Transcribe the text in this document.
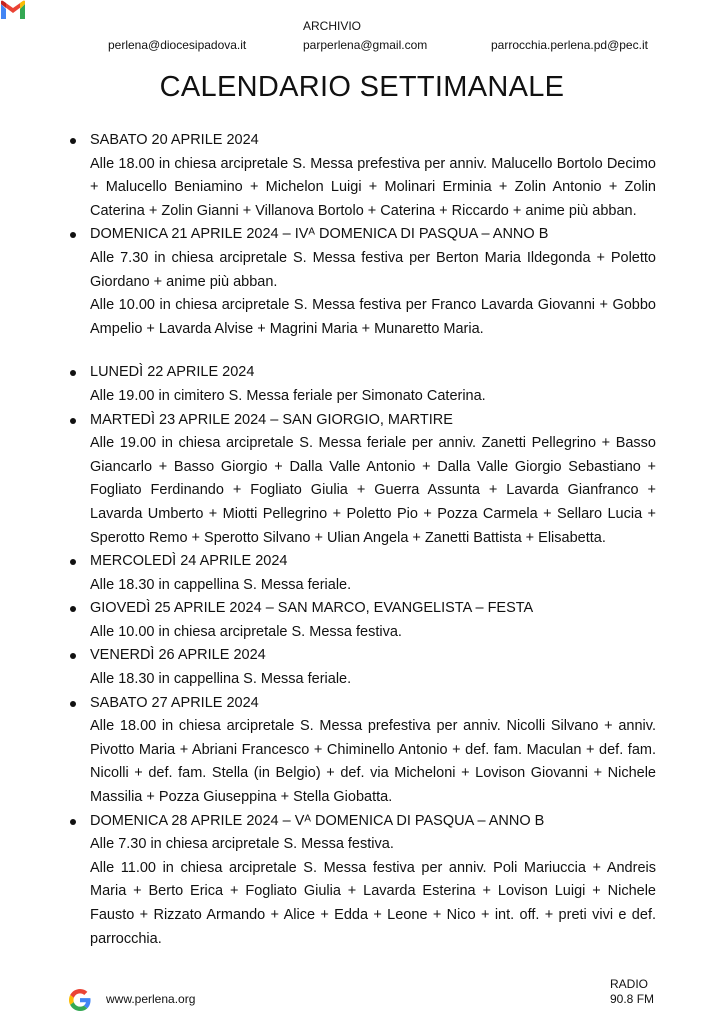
ARCHIVIO
perlena@diocesipadova.it	parperlena@gmail.com	parrocchia.perlena.pd@pec.it
CALENDARIO SETTIMANALE
SABATO 20 APRILE 2024
Alle 18.00 in chiesa arcipretale S. Messa prefestiva per anniv. Malucello Bortolo Decimo + Malucello Beniamino + Michelon Luigi + Molinari Erminia + Zolin Antonio + Zolin Caterina + Zolin Gianni + Villanova Bortolo + Caterina + Riccardo + anime più abban.
DOMENICA 21 APRILE 2024 – IVᴬ DOMENICA DI PASQUA – ANNO B
Alle 7.30 in chiesa arcipretale S. Messa festiva per Berton Maria Ildegonda + Poletto Giordano + anime più abban.
Alle 10.00 in chiesa arcipretale S. Messa festiva per Franco Lavarda Giovanni + Gobbo Ampelio + Lavarda Alvise + Magrini Maria + Munaretto Maria.
LUNEDÌ 22 APRILE 2024
Alle 19.00 in cimitero S. Messa feriale per Simonato Caterina.
MARTEDÌ 23 APRILE 2024 – SAN GIORGIO, MARTIRE
Alle 19.00 in chiesa arcipretale S. Messa feriale per anniv. Zanetti Pellegrino + Basso Giancarlo + Basso Giorgio + Dalla Valle Antonio + Dalla Valle Giorgio Sebastiano + Fogliato Ferdinando + Fogliato Giulia + Guerra Assunta + Lavarda Gianfranco + Lavarda Umberto + Miotti Pellegrino + Poletto Pio + Pozza Carmela + Sellaro Lucia + Sperotto Remo + Sperotto Silvano + Ulian Angela + Zanetti Battista + Elisabetta.
MERCOLEDÌ 24 APRILE 2024
Alle 18.30 in cappellina S. Messa feriale.
GIOVEDÌ 25 APRILE 2024 – SAN MARCO, EVANGELISTA – FESTA
Alle 10.00 in chiesa arcipretale S. Messa festiva.
VENERDÌ 26 APRILE 2024
Alle 18.30 in cappellina S. Messa feriale.
SABATO 27 APRILE 2024
Alle 18.00 in chiesa arcipretale S. Messa prefestiva per anniv. Nicolli Silvano + anniv. Pivotto Maria + Abriani Francesco + Chiminello Antonio + def. fam. Maculan + def. fam. Nicolli + def. fam. Stella (in Belgio) + def. via Micheloni + Lovison Giovanni + Nichele Massilia + Pozza Giuseppina + Stella Giobatta.
DOMENICA 28 APRILE 2024 – Vᴬ DOMENICA DI PASQUA – ANNO B
Alle 7.30 in chiesa arcipretale S. Messa festiva.
Alle 11.00 in chiesa arcipretale S. Messa festiva per anniv. Poli Mariuccia + Andreis Maria + Berto Erica + Fogliato Giulia + Lavarda Esterina + Lovison Luigi + Nichele Fausto + Rizzato Armando + Alice + Edda + Leone + Nico + int. off. + preti vivi e def. parrocchia.
www.perlena.org
RADIO
90.8 FM
